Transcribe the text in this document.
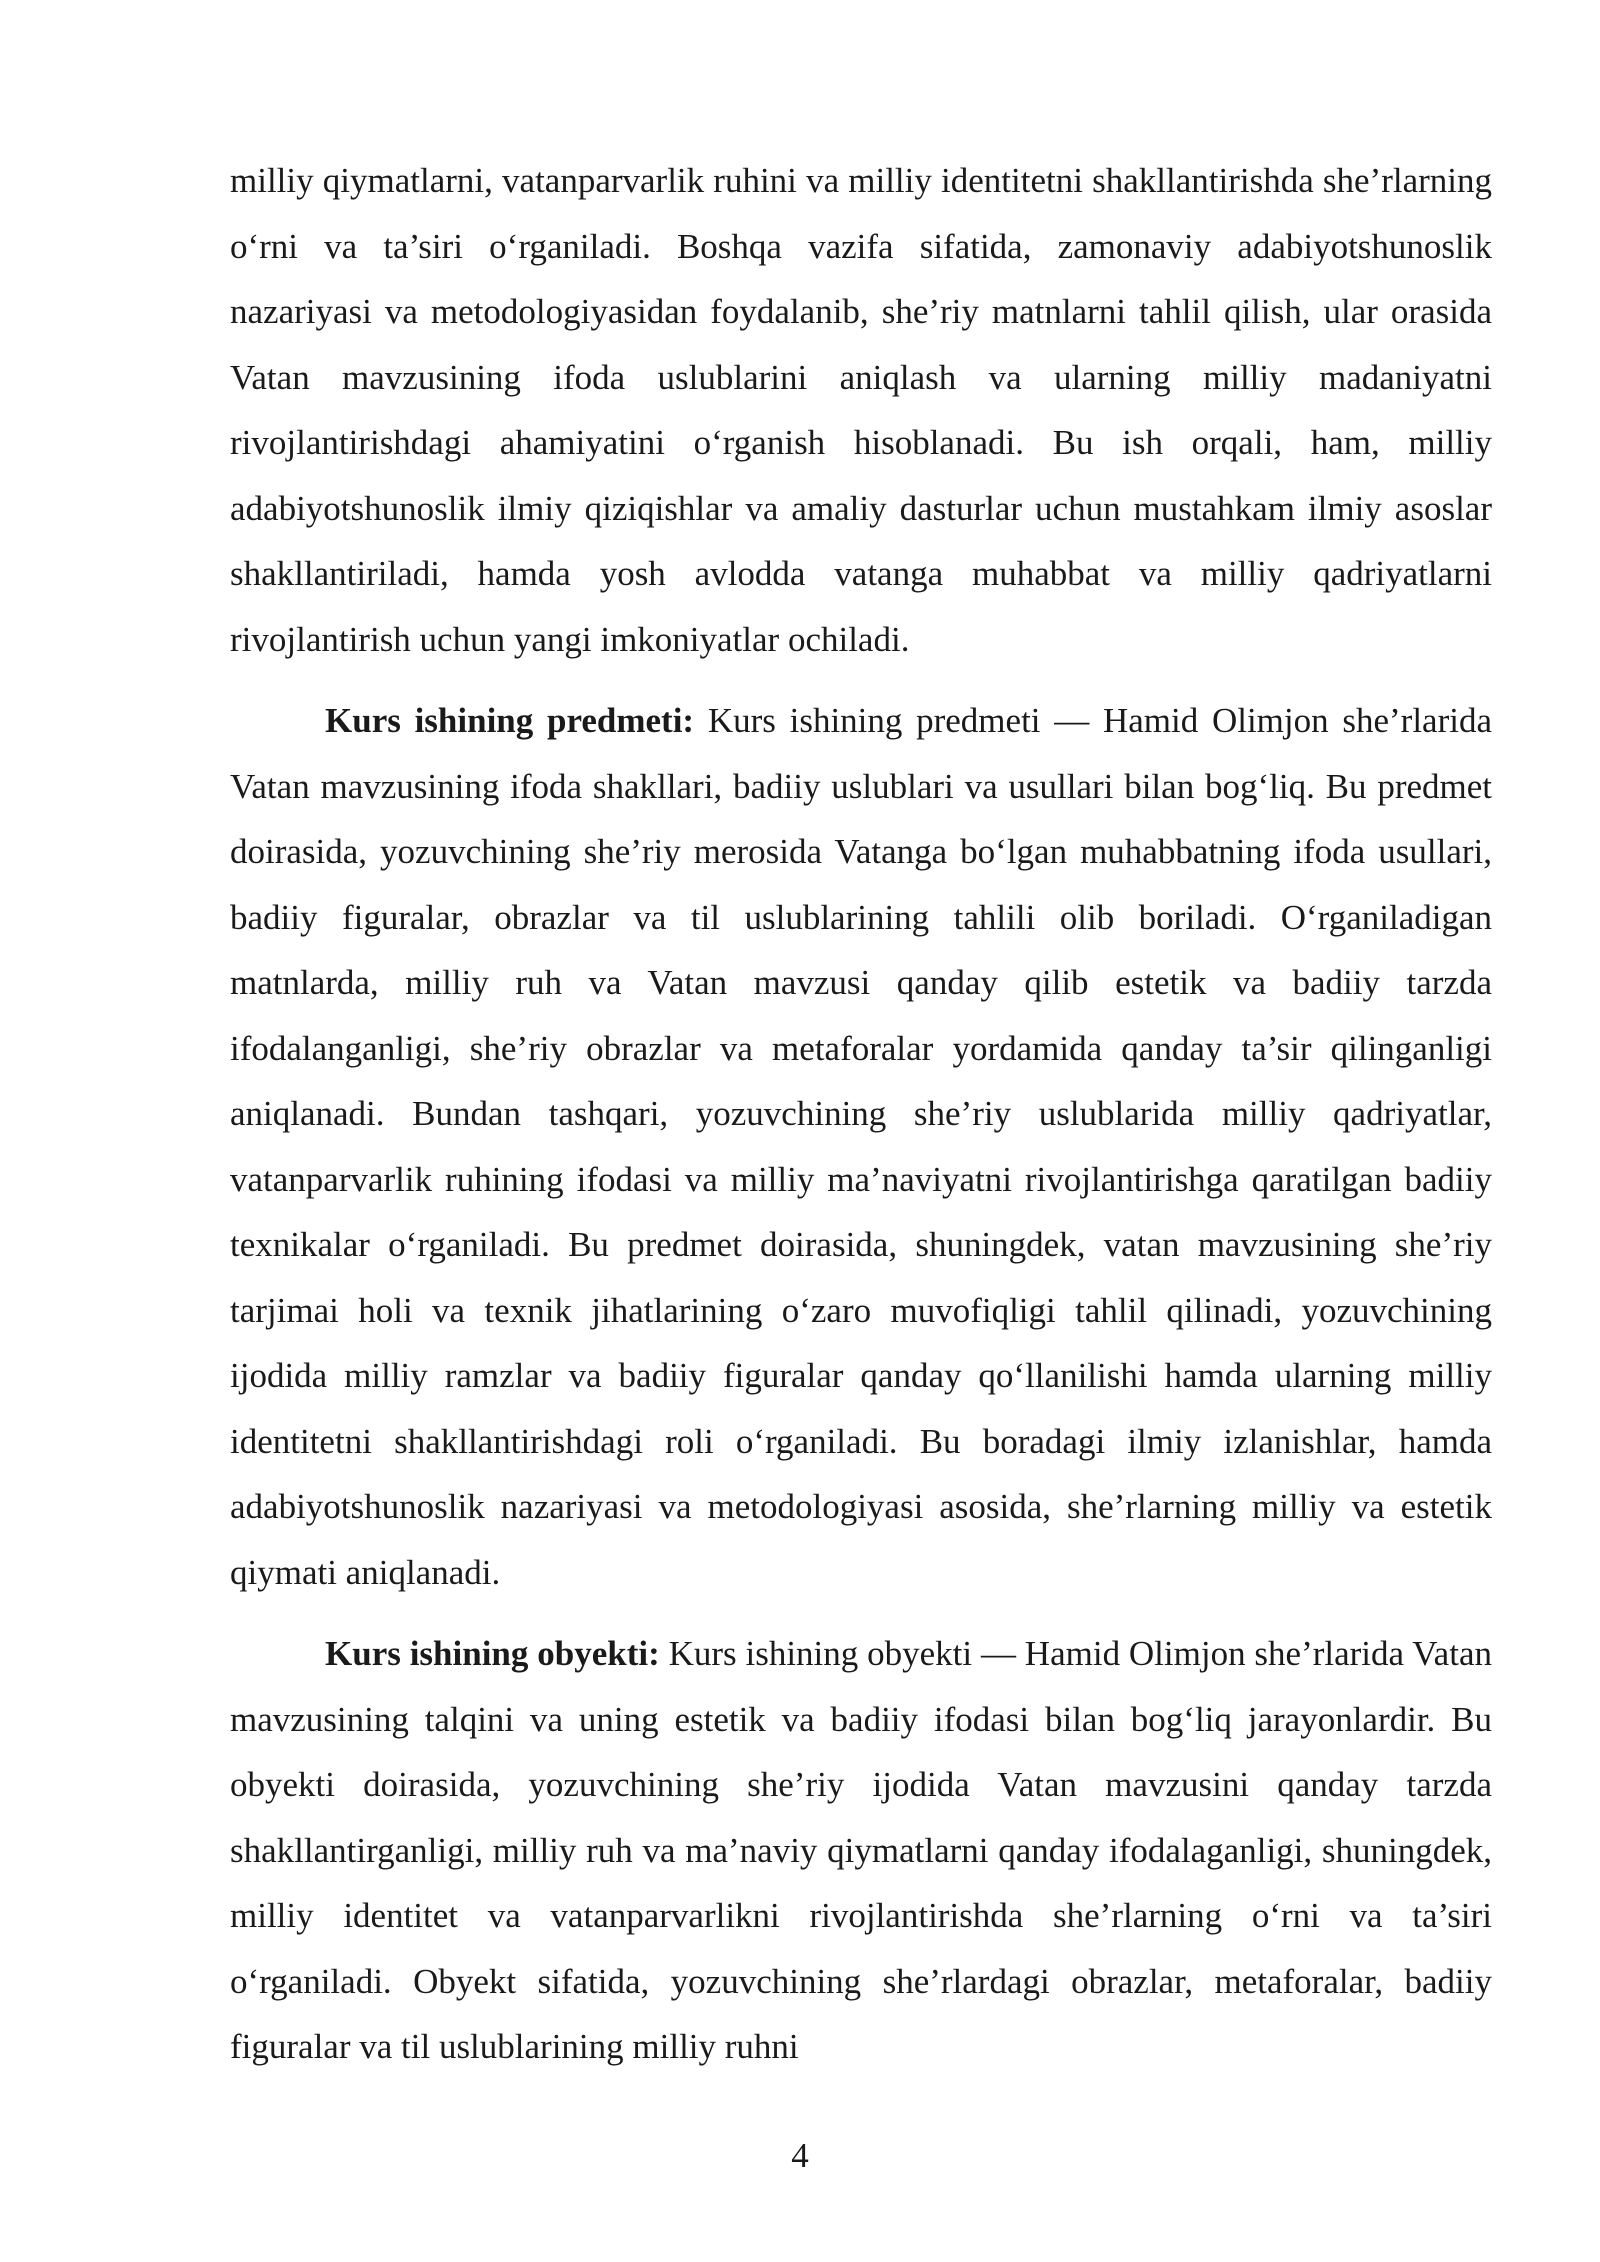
milliy qiymatlarni, vatanparvarlik ruhini va milliy identitetni shakllantirishda she’rlarning o‘rni va ta’siri o‘rganiladi. Boshqa vazifa sifatida, zamonaviy adabiyotshunoslik nazariyasi va metodologiyasidan foydalanib, she’riy matnlarni tahlil qilish, ular orasida Vatan mavzusining ifoda uslublarini aniqlash va ularning milliy madaniyatni rivojlantirishdagi ahamiyatini o‘rganish hisoblanadi. Bu ish orqali, ham, milliy adabiyotshunoslik ilmiy qiziqishlar va amaliy dasturlar uchun mustahkam ilmiy asoslar shakllantiriladi, hamda yosh avlodda vatanga muhabbat va milliy qadriyatlarni rivojlantirish uchun yangi imkoniyatlar ochiladi.

Kurs ishining predmeti: Kurs ishining predmeti — Hamid Olimjon she’rlarida Vatan mavzusining ifoda shakllari, badiiy uslublari va usullari bilan bog‘liq. Bu predmet doirasida, yozuvchining she’riy merosida Vatanga bo‘lgan muhabbatning ifoda usullari, badiiy figuralar, obrazlar va til uslublarining tahlili olib boriladi. O‘rganiladigan matnlarda, milliy ruh va Vatan mavzusi qanday qilib estetik va badiiy tarzda ifodalanganligi, she’riy obrazlar va metaforalar yordamida qanday ta’sir qilinganligi aniqlanadi. Bundan tashqari, yozuvchining she’riy uslublarida milliy qadriyatlar, vatanparvarlik ruhining ifodasi va milliy ma’naviyatni rivojlantirishga qaratilgan badiiy texnikalar o‘rganiladi. Bu predmet doirasida, shuningdek, vatan mavzusining she’riy tarjimai holi va texnik jihatlarining o‘zaro muvofiqligi tahlil qilinadi, yozuvchining ijodida milliy ramzlar va badiiy figuralar qanday qo‘llanilishi hamda ularning milliy identitetni shakllantirishdagi roli o‘rganiladi. Bu boradagi ilmiy izlanishlar, hamda adabiyotshunoslik nazariyasi va metodologiyasi asosida, she’rlarning milliy va estetik qiymati aniqlanadi.

Kurs ishining obyekti: Kurs ishining obyekti — Hamid Olimjon she’rlarida Vatan mavzusining talqini va uning estetik va badiiy ifodasi bilan bog‘liq jarayonlardir. Bu obyekti doirasida, yozuvchining she’riy ijodida Vatan mavzusini qanday tarzda shakllantirganligi, milliy ruh va ma’naviy qiymatlarni qanday ifodalaganligi, shuningdek, milliy identitet va vatanparvarlikni rivojlantirishda she’rlarning o‘rni va ta’siri o‘rganiladi. Obyekt sifatida, yozuvchining she’rlardagi obrazlar, metaforalar, badiiy figuralar va til uslublarining milliy ruhni

4
